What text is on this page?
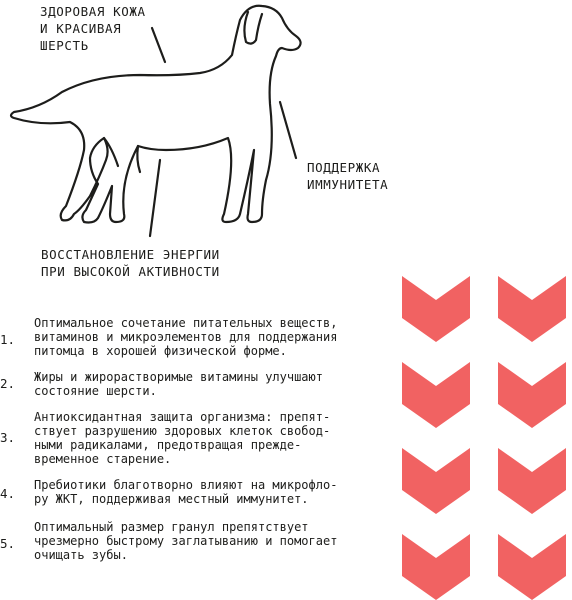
ЗДОРОВАЯ КОЖА
И КРАСИВАЯ
ШЕРСТЬ
ПОДДЕРЖКА
ИММУНИТЕТА
ВОССТАНОВЛЕНИЕ ЭНЕРГИИ
ПРИ ВЫСОКОЙ АКТИВНОСТИ
1.
Оптимальное сочетание питательных веществ,
витаминов и микроэлементов для поддержания
питомца в хорошей физической форме.
2. Жиры и жирорастворимые витамины улучшают
состояние шерсти.
3.
Антиоксидантная защита организма: препят-
ствует разрушению здоровых клеток свобод-
ными радикалами, предотвращая прежде-
временное старение.
4.
Пребиотики благотворно влияют на микрофло-
ру ЖКТ, поддерживая местный иммунитет.
5.
Оптимальный размер гранул препятствует
чрезмерно быстрому заглатыванию и помогает
очищать зубы.
